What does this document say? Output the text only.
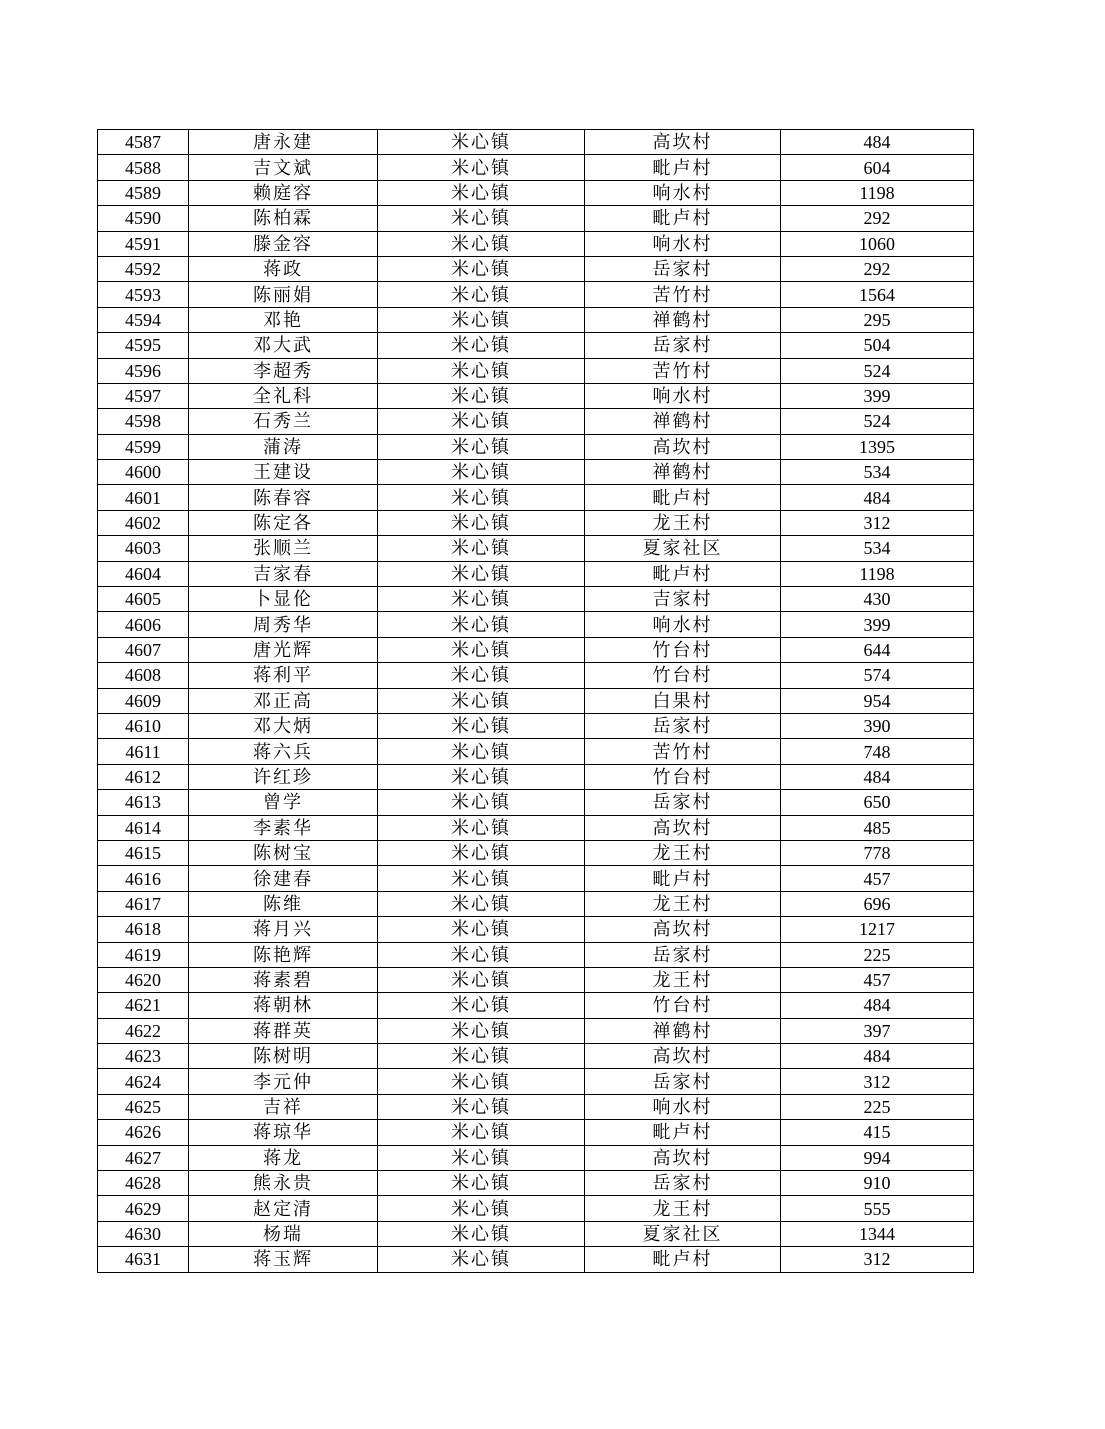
4587	唐永建	米心镇	高坎村	484
4588	吉文斌	米心镇	毗卢村	604
4589	赖庭容	米心镇	响水村	1198
4590	陈柏霖	米心镇	毗卢村	292
4591	滕金容	米心镇	响水村	1060
4592	蒋政	米心镇	岳家村	292
4593	陈丽娟	米心镇	苦竹村	1564
4594	邓艳	米心镇	禅鹤村	295
4595	邓大武	米心镇	岳家村	504
4596	李超秀	米心镇	苦竹村	524
4597	全礼科	米心镇	响水村	399
4598	石秀兰	米心镇	禅鹤村	524
4599	蒲涛	米心镇	高坎村	1395
4600	王建设	米心镇	禅鹤村	534
4601	陈春容	米心镇	毗卢村	484
4602	陈定各	米心镇	龙王村	312
4603	张顺兰	米心镇	夏家社区	534
4604	吉家春	米心镇	毗卢村	1198
4605	卜显伦	米心镇	吉家村	430
4606	周秀华	米心镇	响水村	399
4607	唐光辉	米心镇	竹台村	644
4608	蒋利平	米心镇	竹台村	574
4609	邓正高	米心镇	白果村	954
4610	邓大炳	米心镇	岳家村	390
4611	蒋六兵	米心镇	苦竹村	748
4612	许红珍	米心镇	竹台村	484
4613	曾学	米心镇	岳家村	650
4614	李素华	米心镇	高坎村	485
4615	陈树宝	米心镇	龙王村	778
4616	徐建春	米心镇	毗卢村	457
4617	陈维	米心镇	龙王村	696
4618	蒋月兴	米心镇	高坎村	1217
4619	陈艳辉	米心镇	岳家村	225
4620	蒋素碧	米心镇	龙王村	457
4621	蒋朝林	米心镇	竹台村	484
4622	蒋群英	米心镇	禅鹤村	397
4623	陈树明	米心镇	高坎村	484
4624	李元仲	米心镇	岳家村	312
4625	吉祥	米心镇	响水村	225
4626	蒋琼华	米心镇	毗卢村	415
4627	蒋龙	米心镇	高坎村	994
4628	熊永贵	米心镇	岳家村	910
4629	赵定清	米心镇	龙王村	555
4630	杨瑞	米心镇	夏家社区	1344
4631	蒋玉辉	米心镇	毗卢村	312
